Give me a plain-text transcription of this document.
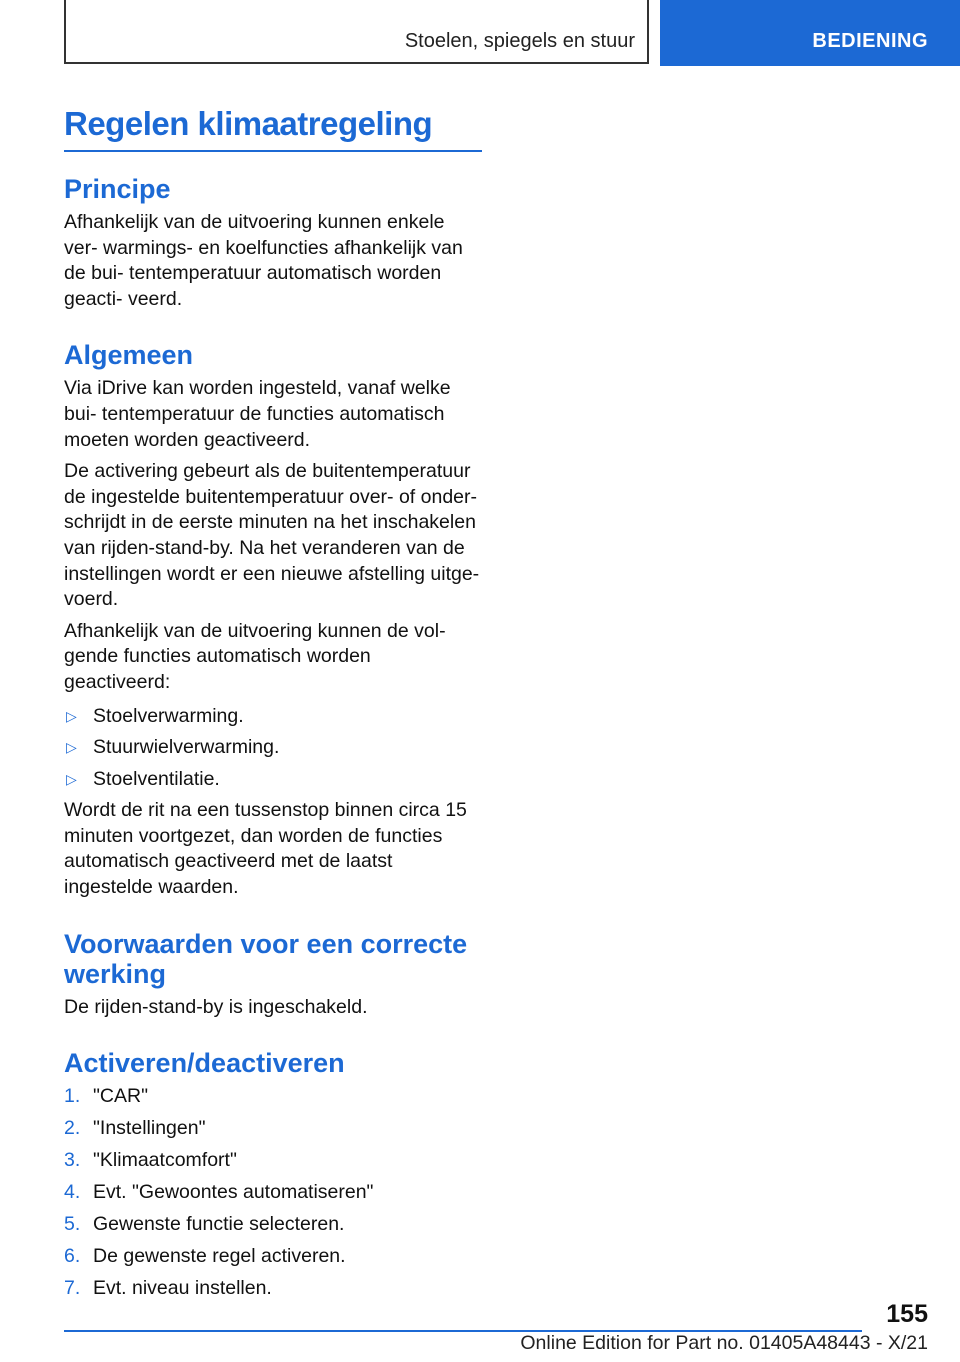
Stoelen, spiegels en stuur	BEDIENING
Regelen klimaatregeling
Principe

Afhankelijk van de uitvoering kunnen enkele ver- warmings- en koelfuncties afhankelijk van de bui- tentemperatuur automatisch worden geacti- veerd.

Algemeen

Via iDrive kan worden ingesteld, vanaf welke bui- tentemperatuur de functies automatisch moeten worden geactiveerd.

De activering gebeurt als de buitentemperatuur de ingestelde buitentemperatuur over- of onder- schrijdt in de eerste minuten na het inschakelen van rijden-stand-by. Na het veranderen van de instellingen wordt er een nieuwe afstelling uitge- voerd.

Afhankelijk van de uitvoering kunnen de vol- gende functies automatisch worden geactiveerd:

▷ Stoelverwarming.
▷ Stuurwielverwarming.
▷ Stoelventilatie.

Wordt de rit na een tussenstop binnen circa 15 minuten voortgezet, dan worden de functies automatisch geactiveerd met de laatst ingestelde waarden.

Voorwaarden voor een correcte werking

De rijden-stand-by is ingeschakeld.

Activeren/deactiveren
1. "CAR"
2. "Instellingen"
3. "Klimaatcomfort"
4. Evt. "Gewoontes automatiseren"
5. Gewenste functie selecteren.
6. De gewenste regel activeren.
7. Evt. niveau instellen.
155
Online Edition for Part no. 01405A48443 - X/21
